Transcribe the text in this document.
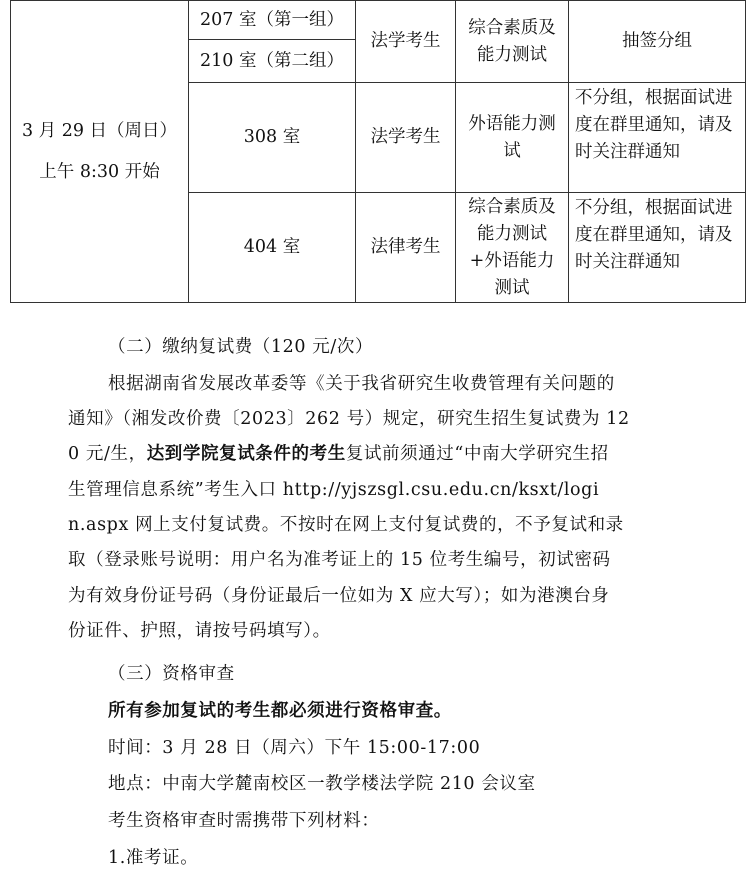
3 月 29 日（周日）
上午 8:30 开始	207 室（第一组）	法学考生	综合素质及能力测试	抽签分组
	210 室（第二组）			
	308 室	法学考生	外语能力测试	不分组，根据面试进度在群里通知，请及时关注群通知
	404 室	法律考生	综合素质及能力测试+外语能力测试	不分组，根据面试进度在群里通知，请及时关注群通知
（二）缴纳复试费（120 元/次）
根据湖南省发展改革委等《关于我省研究生收费管理有关问题的
通知》（湘发改价费〔2023〕262 号）规定，研究生招生复试费为 12
0 元/生，达到学院复试条件的考生复试前须通过“中南大学研究生招
生管理信息系统”考生入口 http://yjszsgl.csu.edu.cn/ksxt/logi
n.aspx 网上支付复试费。不按时在网上支付复试费的，不予复试和录
取（登录账号说明：用户名为准考证上的 15 位考生编号，初试密码
为有效身份证号码（身份证最后一位如为 X 应大写）；如为港澳台身
份证件、护照，请按号码填写）。
（三）资格审查
所有参加复试的考生都必须进行资格审查。
时间：3 月 28 日（周六）下午 15:00-17:00
地点：中南大学麓南校区一教学楼法学院 210 会议室
考生资格审查时需携带下列材料：
1.准考证。
